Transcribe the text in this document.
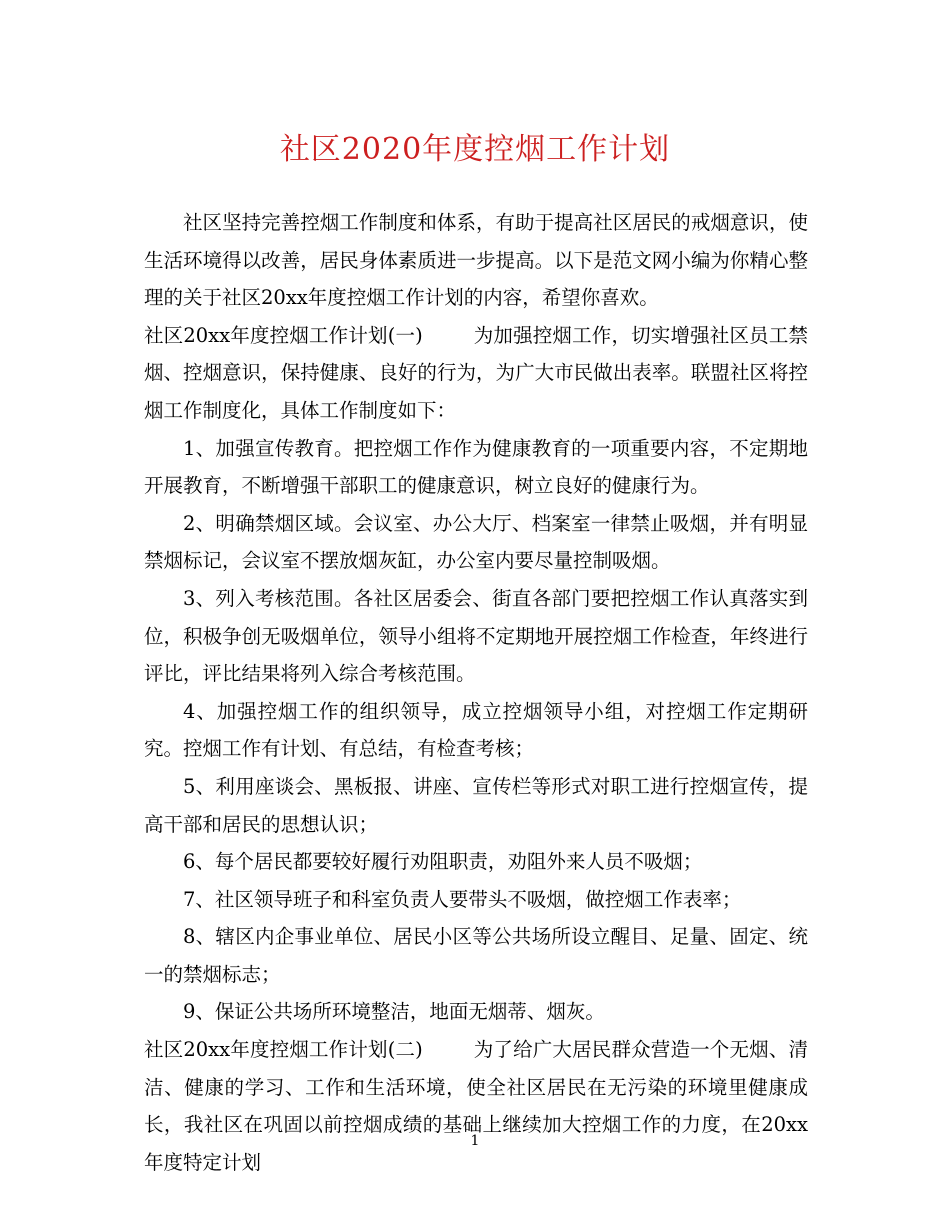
社区2020年度控烟工作计划

社区坚持完善控烟工作制度和体系，有助于提高社区居民的戒烟意识，使生活环境得以改善，居民身体素质进一步提高。以下是范文网小编为你精心整理的关于社区20xx年度控烟工作计划的内容，希望你喜欢。

社区20xx年度控烟工作计划(一)	为加强控烟工作，切实增强社区员工禁烟、控烟意识，保持健康、良好的行为，为广大市民做出表率。联盟社区将控烟工作制度化，具体工作制度如下：

1、加强宣传教育。把控烟工作作为健康教育的一项重要内容，不定期地开展教育，不断增强干部职工的健康意识，树立良好的健康行为。

2、明确禁烟区域。会议室、办公大厅、档案室一律禁止吸烟，并有明显禁烟标记，会议室不摆放烟灰缸，办公室内要尽量控制吸烟。

3、列入考核范围。各社区居委会、街直各部门要把控烟工作认真落实到位，积极争创无吸烟单位，领导小组将不定期地开展控烟工作检查，年终进行评比，评比结果将列入综合考核范围。

4、加强控烟工作的组织领导，成立控烟领导小组，对控烟工作定期研究。控烟工作有计划、有总结，有检查考核；

5、利用座谈会、黑板报、讲座、宣传栏等形式对职工进行控烟宣传，提高干部和居民的思想认识；

6、每个居民都要较好履行劝阻职责，劝阻外来人员不吸烟；

7、社区领导班子和科室负责人要带头不吸烟，做控烟工作表率；

8、辖区内企事业单位、居民小区等公共场所设立醒目、足量、固定、统一的禁烟标志；

9、保证公共场所环境整洁，地面无烟蒂、烟灰。

社区20xx年度控烟工作计划(二)	为了给广大居民群众营造一个无烟、清洁、健康的学习、工作和生活环境，使全社区居民在无污染的环境里健康成长，我社区在巩固以前控烟成绩的基础上继续加大控烟工作的力度，在20xx年度特定计划

1
